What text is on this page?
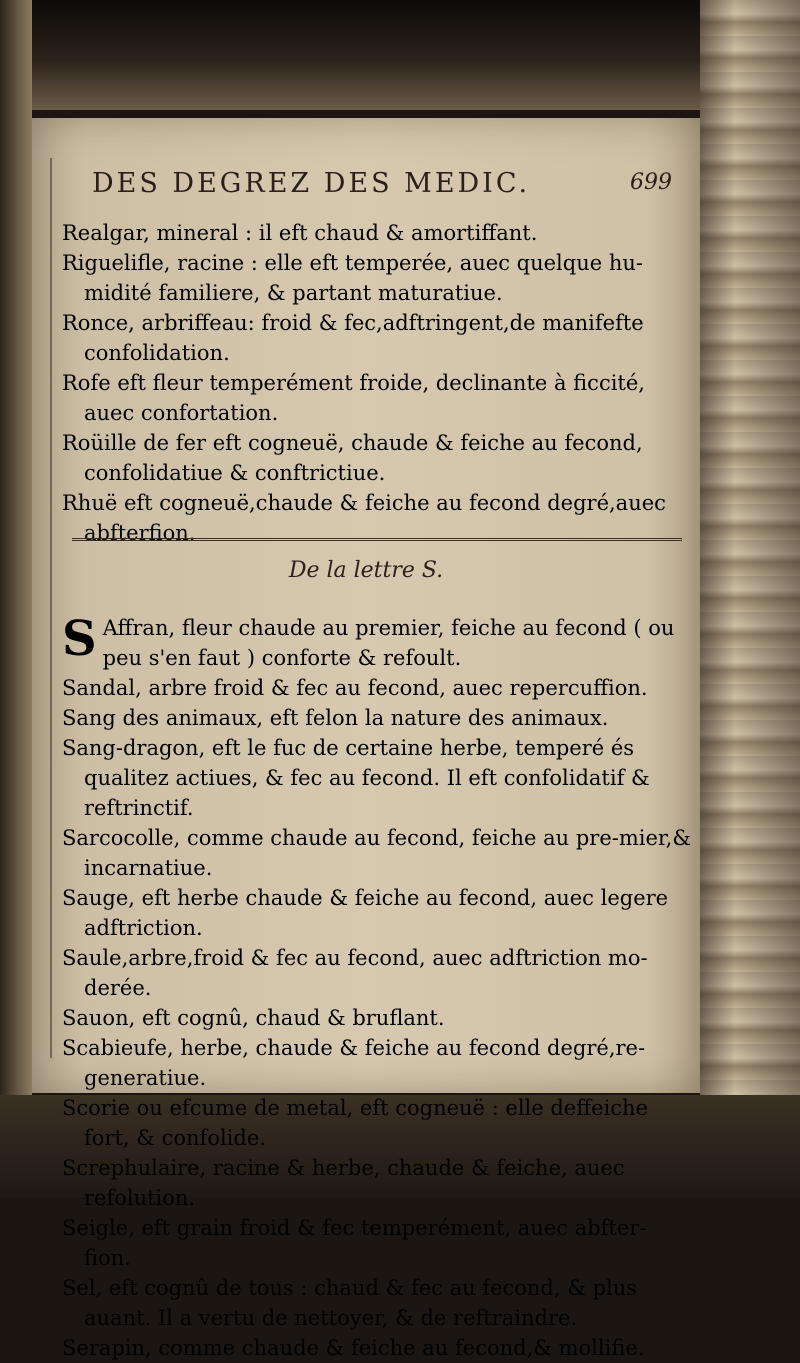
DES DEGREZ DES MEDIC.	699

Realgar, mineral : il eft chaud & amortiffant.

Riguelifle, racine : elle eft temperée, auec quelque hu-midité familiere, & partant maturatiue.

Ronce, arbriffeau: froid & fec,adftringent,de manifefte confolidation.

Rofe eft fleur temperément froide, declinante à ficcité, auec confortation.

Roüille de fer eft cogneuë, chaude & feiche au fecond, confolidatiue & conftrictiue.

Rhuë eft cogneuë,chaude & feiche au fecond degré,auec abfterfion.

De la lettre S.

S Affran, fleur chaude au premier, feiche au fecond ( ou peu s'en faut ) conforte & refoult.

Sandal, arbre froid & fec au fecond, auec repercuffion.

Sang des animaux, eft felon la nature des animaux.

Sang-dragon, eft le fuc de certaine herbe, temperé és qualitez actiues, & fec au fecond. Il eft confolidatif & reftrinctif.

Sarcocolle, comme chaude au fecond, feiche au pre-mier,& incarnatiue.

Sauge, eft herbe chaude & feiche au fecond, auec legere adftriction.

Saule,arbre,froid & fec au fecond, auec adftriction mo-derée.

Sauon, eft cognû, chaud & bruflant.

Scabieufe, herbe, chaude & feiche au fecond degré,re-generatiue.

Scorie ou efcume de metal, eft cogneuë : elle deffeiche fort, & confolide.

Screphulaire, racine & herbe, chaude & feiche, auec refolution.

Seigle, eft grain froid & fec temperément, auec abfter-fion.

Sel, eft cognû de tous : chaud & fec au fecond, & plus auant. Il a vertu de nettoyer, & de reftraindre.

Serapin, comme chaude & feiche au fecond,& mollifie.
